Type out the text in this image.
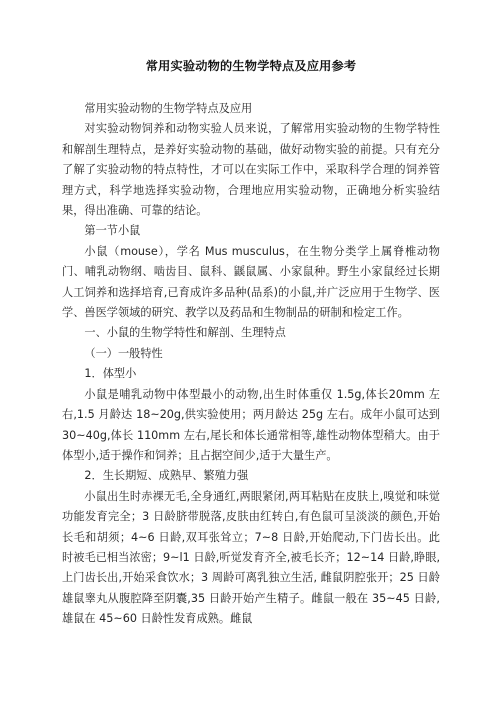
常用实验动物的生物学特点及应用参考

常用实验动物的生物学特点及应用

对实验动物饲养和动物实验人员来说，了解常用实验动物的生物学特性和解剖生理特点，是养好实验动物的基础，做好动物实验的前提。只有充分了解了实验动物的特点特性，才可以在实际工作中，采取科学合理的饲养管理方式，科学地选择实验动物，合理地应用实验动物，正确地分析实验结果，得出准确、可靠的结论。

第一节小鼠

小鼠（mouse），学名 Mus musculus，在生物分类学上属脊椎动物门、哺乳动物纲、啮齿目、鼠科、鼷鼠属、小家鼠种。野生小家鼠经过长期人工饲养和选择培育,已育成许多品种(品系)的小鼠,并广泛应用于生物学、医学、兽医学领域的研究、教学以及药品和生物制品的研制和检定工作。

一、小鼠的生物学特性和解剖、生理特点

（一）一般特性

1．体型小

小鼠是哺乳动物中体型最小的动物,出生时体重仅 1.5g,体长20mm 左右,1.5 月龄达 18~20g,供实验使用；两月龄达 25g 左右。成年小鼠可达到 30~40g,体长 110mm 左右,尾长和体长通常相等,雄性动物体型稍大。由于体型小,适于操作和饲养；且占据空间少,适于大量生产。

2．生长期短、成熟早、繁殖力强

小鼠出生时赤裸无毛,全身通红,两眼紧闭,两耳粘贴在皮肤上,嗅觉和味觉功能发育完全；3 日龄脐带脱落,皮肤由红转白,有色鼠可呈淡淡的颜色,开始长毛和胡须；4~6 日龄,双耳张耸立；7~8 日龄,开始爬动,下门齿长出。此时被毛已相当浓密；9~l1 日龄,听觉发育齐全,被毛长齐；12~14 日龄,睁眼,上门齿长出,开始采食饮水；3 周龄可离乳独立生活, 雌鼠阴腔张开；25 日龄雄鼠睾丸从腹腔降至阴囊,35 日龄开始产生精子。雌鼠一般在 35~45 日龄,雄鼠在 45~60 日龄性发育成熟。雌鼠
